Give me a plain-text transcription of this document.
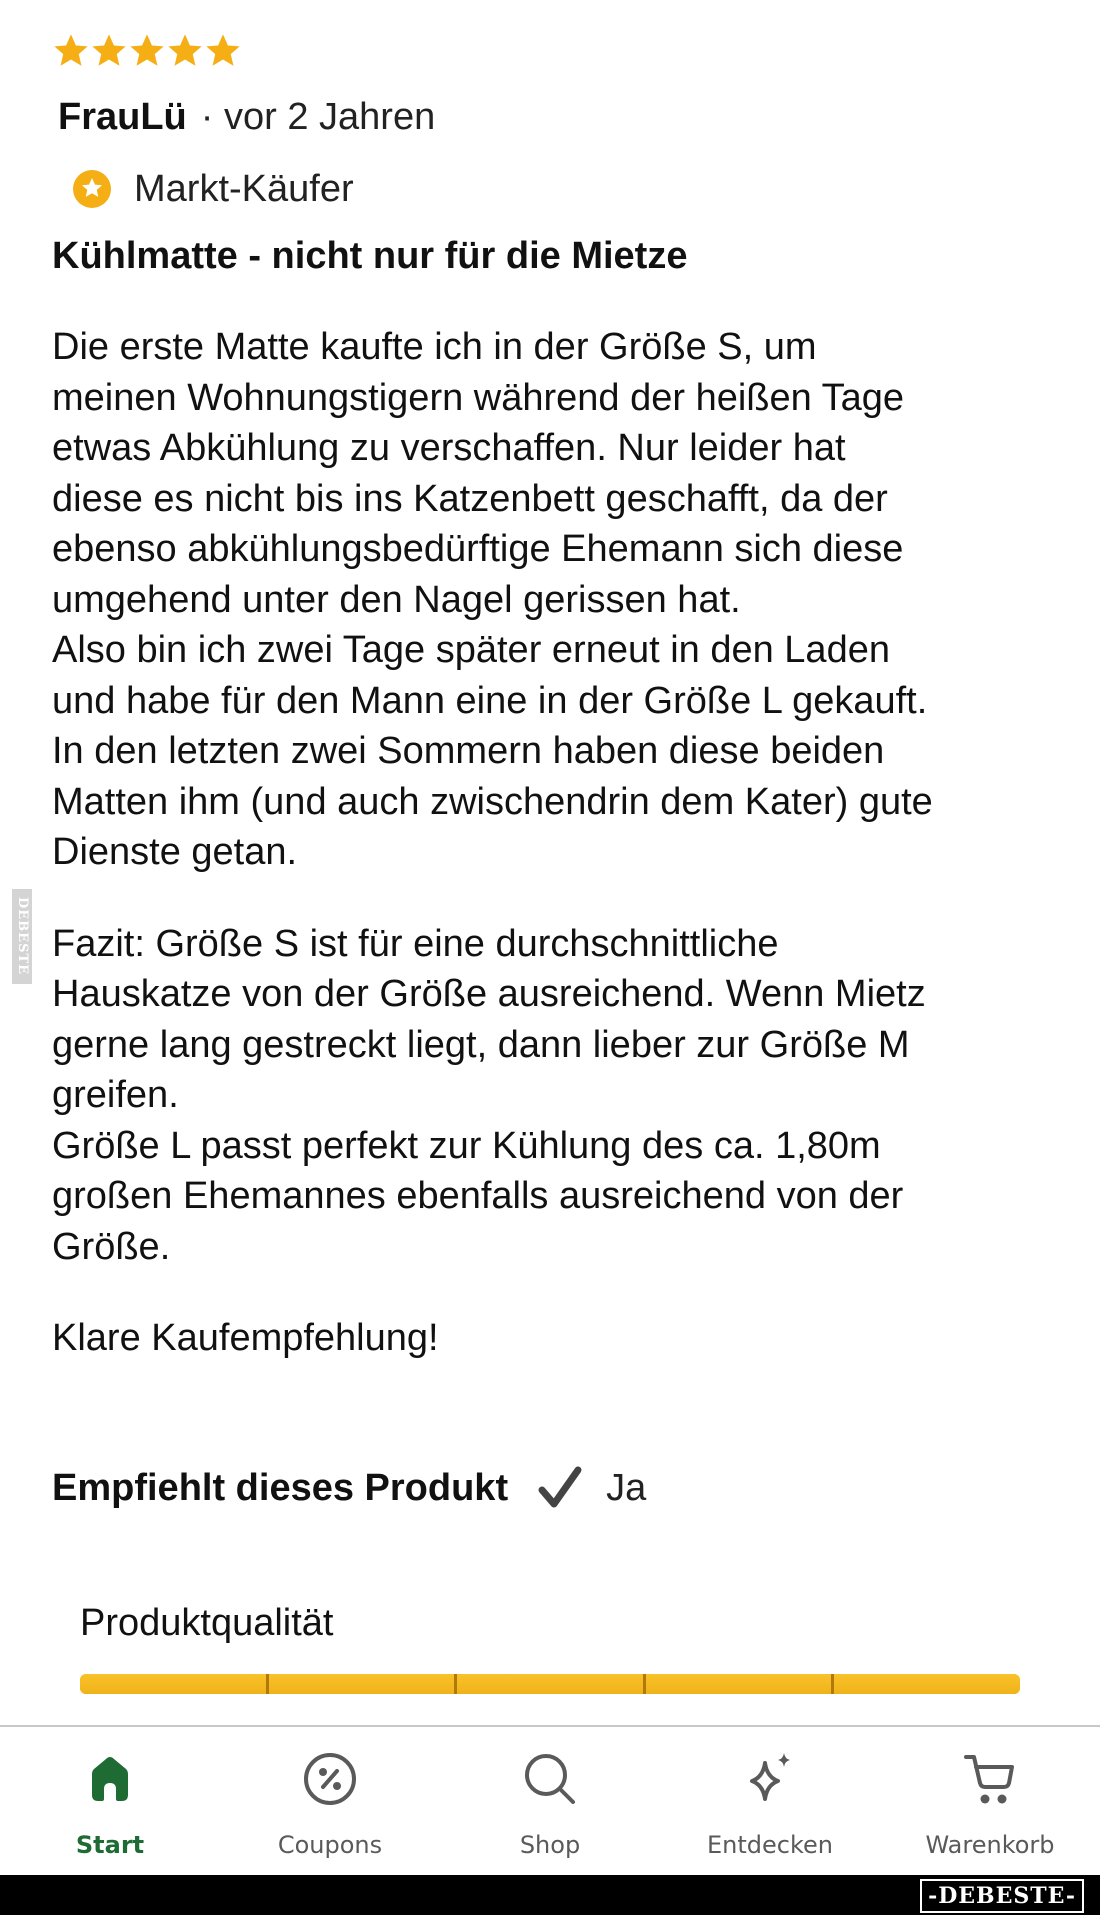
FrauLü · vor 2 Jahren
Markt-Käufer
Kühlmatte - nicht nur für die Mietze
Die erste Matte kaufte ich in der Größe S, um
meinen Wohnungstigern während der heißen Tage
etwas Abkühlung zu verschaffen. Nur leider hat
diese es nicht bis ins Katzenbett geschafft, da der
ebenso abkühlungsbedürftige Ehemann sich diese
umgehend unter den Nagel gerissen hat.
Also bin ich zwei Tage später erneut in den Laden
und habe für den Mann eine in der Größe L gekauft.
In den letzten zwei Sommern haben diese beiden
Matten ihm (und auch zwischendrin dem Kater) gute
Dienste getan.
Fazit: Größe S ist für eine durchschnittliche
Hauskatze von der Größe ausreichend. Wenn Mietz
gerne lang gestreckt liegt, dann lieber zur Größe M
greifen.
Größe L passt perfekt zur Kühlung des ca. 1,80m
großen Ehemannes ebenfalls ausreichend von der
Größe.
Klare Kaufempfehlung!
DEBESTE
Empfiehlt dieses Produkt	Ja
Produktqualität
Start	Coupons	Shop	Entdecken	Warenkorb
-DEBESTE-
